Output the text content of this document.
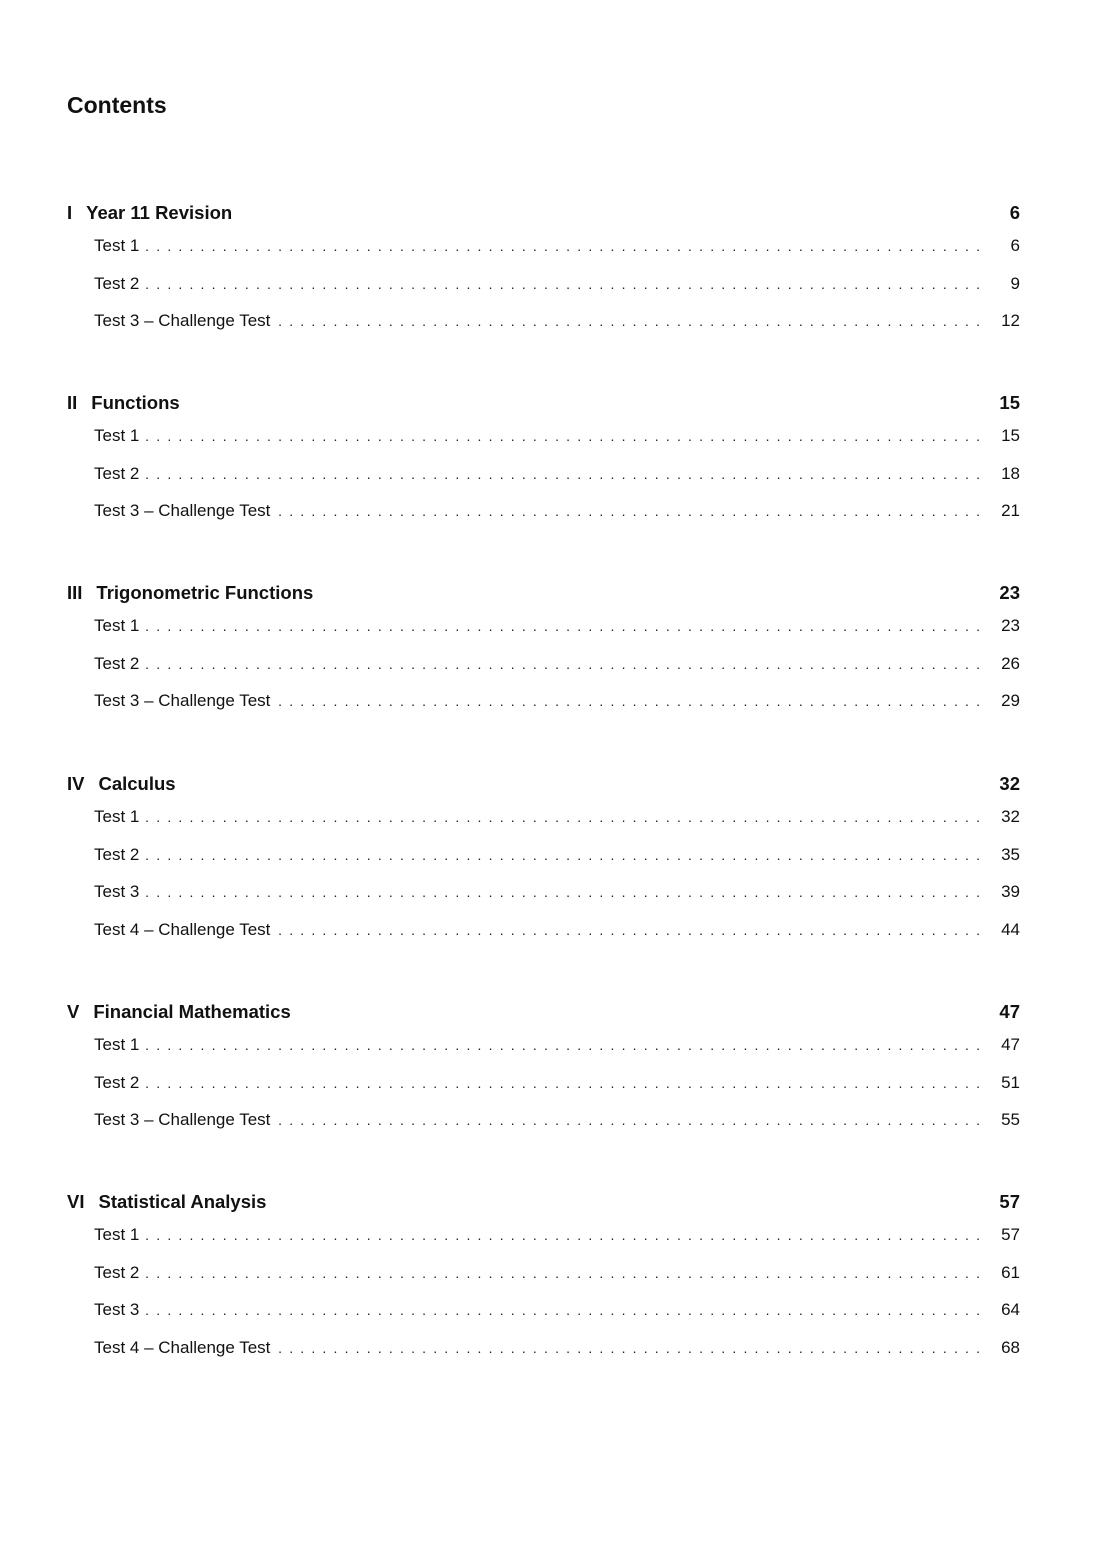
Contents
I Year 11 Revision	6
Test 1 . . .	6
Test 2 . . .	9
Test 3 – Challenge Test . . .	12
II Functions	15
Test 1 . . .	15
Test 2 . . .	18
Test 3 – Challenge Test . . .	21
III Trigonometric Functions	23
Test 1 . . .	23
Test 2 . . .	26
Test 3 – Challenge Test . . .	29
IV Calculus	32
Test 1 . . .	32
Test 2 . . .	35
Test 3 . . .	39
Test 4 – Challenge Test . . .	44
V Financial Mathematics	47
Test 1 . . .	47
Test 2 . . .	51
Test 3 – Challenge Test . . .	55
VI Statistical Analysis	57
Test 1 . . .	57
Test 2 . . .	61
Test 3 . . .	64
Test 4 – Challenge Test . . .	68
